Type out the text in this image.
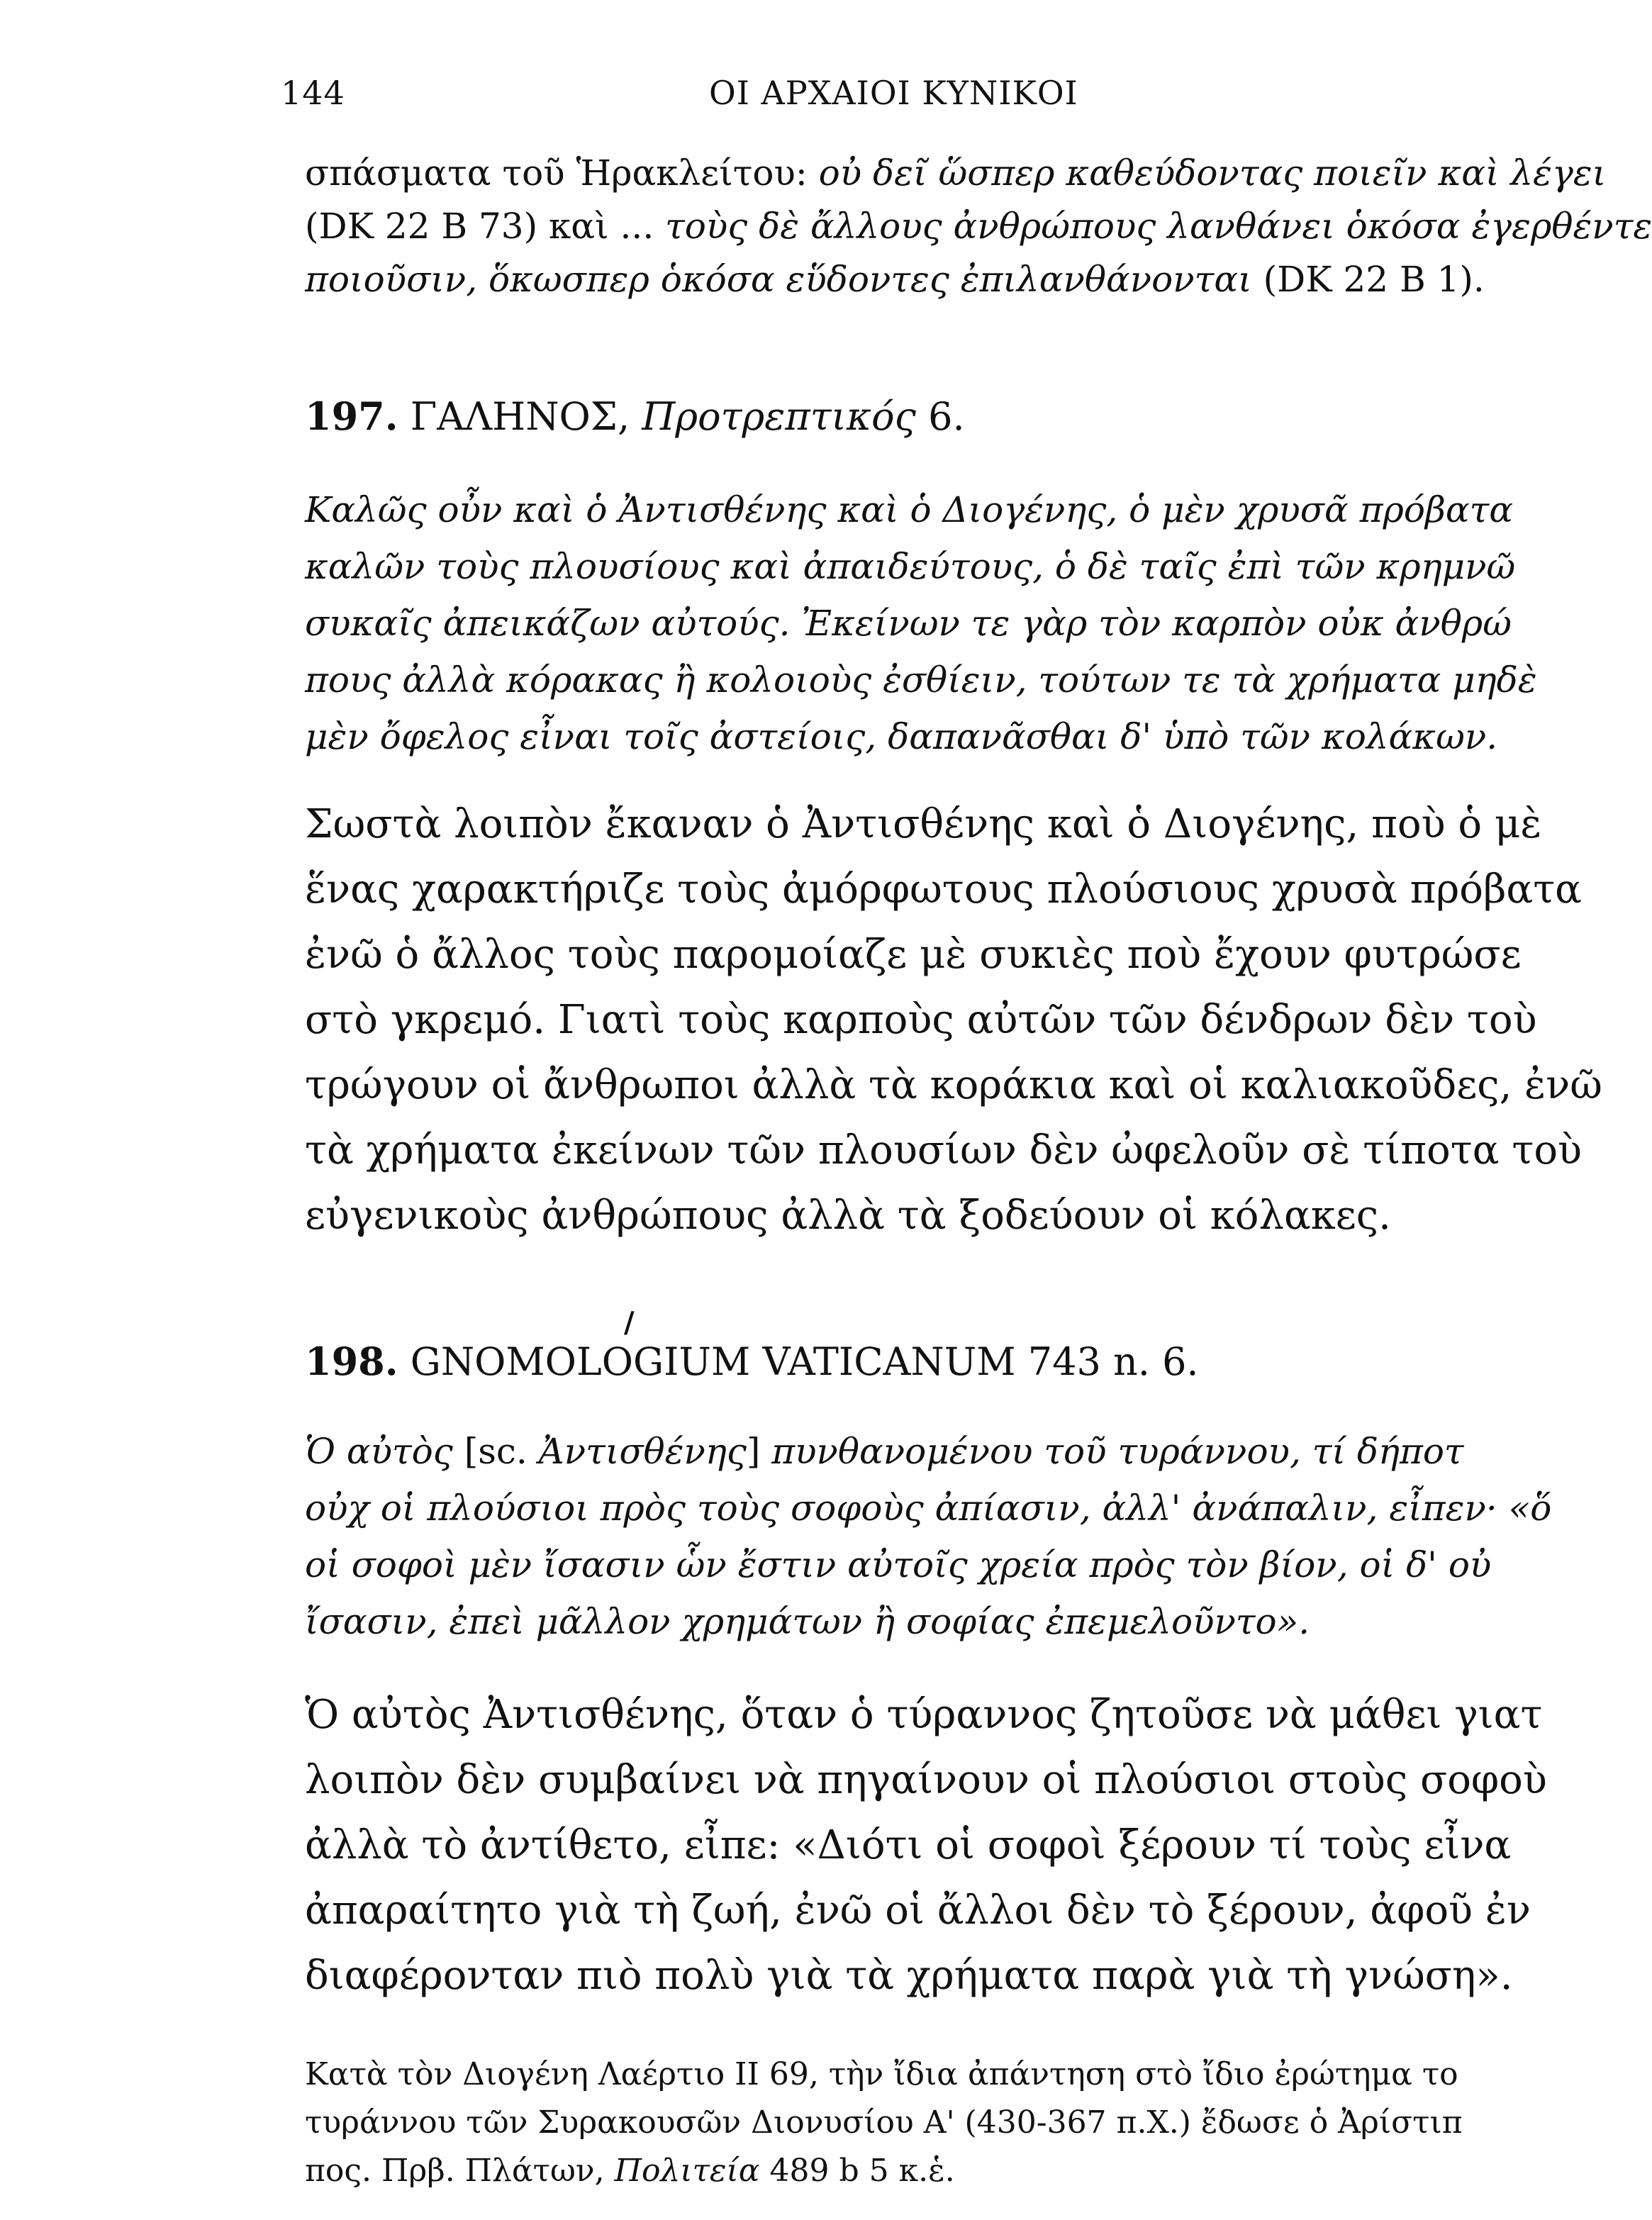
144	ΟΙ ΑΡΧΑΙΟΙ ΚΥΝΙΚΟΙ
σπάσματα τοῦ Ἡρακλείτου: οὐ δεῖ ὥσπερ καθεύδοντας ποιεῖν καὶ λέγει
(DK 22 B 73) καὶ ... τοὺς δὲ ἄλλους ἀνθρώπους λανθάνει ὁκόσα ἐγερθέντε
ποιοῦσιν, ὅκωσπερ ὁκόσα εὕδοντες ἐπιλανθάνονται (DK 22 B 1).
197. ΓΑΛΗΝΟΣ, Προτρεπτικός 6.
Καλῶς οὖν καὶ ὁ Ἀντισθένης καὶ ὁ Διογένης, ὁ μὲν χρυσᾶ πρόβατα
καλῶν τοὺς πλουσίους καὶ ἀπαιδεύτους, ὁ δὲ ταῖς ἐπὶ τῶν κρημνῶ
συκαῖς ἀπεικάζων αὐτούς. Ἐκείνων τε γὰρ τὸν καρπὸν οὐκ ἀνθρώ
πους ἀλλὰ κόρακας ἢ κολοιοὺς ἐσθίειν, τούτων τε τὰ χρήματα μηδὲ
μὲν ὄφελος εἶναι τοῖς ἀστείοις, δαπανᾶσθαι δ' ὑπὸ τῶν κολάκων.
Σωστὰ λοιπὸν ἔκαναν ὁ Ἀντισθένης καὶ ὁ Διογένης, ποὺ ὁ μὲ
ἕνας χαρακτήριζε τοὺς ἀμόρφωτους πλούσιους χρυσὰ πρόβατα
ἐνῶ ὁ ἄλλος τοὺς παρομοίαζε μὲ συκιὲς ποὺ ἔχουν φυτρώσε
στὸ γκρεμό. Γιατὶ τοὺς καρποὺς αὐτῶν τῶν δένδρων δὲν τοὺ
τρώγουν οἱ ἄνθρωποι ἀλλὰ τὰ κοράκια καὶ οἱ καλιακοῦδες, ἐνῶ
τὰ χρήματα ἐκείνων τῶν πλουσίων δὲν ὠφελοῦν σὲ τίποτα τοὺ
εὐγενικοὺς ἀνθρώπους ἀλλὰ τὰ ξοδεύουν οἱ κόλακες.
/
198. GNOMOLOGIUM VATICANUM 743 n. 6.
Ὁ αὐτὸς [sc. Ἀντισθένης] πυνθανομένου τοῦ τυράννου, τί δήποτ
οὐχ οἱ πλούσιοι πρὸς τοὺς σοφοὺς ἀπίασιν, ἀλλ' ἀνάπαλιν, εἶπεν· «ὅ
οἱ σοφοὶ μὲν ἴσασιν ὧν ἔστιν αὐτοῖς χρεία πρὸς τὸν βίον, οἱ δ' οὐ
ἴσασιν, ἐπεὶ μᾶλλον χρημάτων ἢ σοφίας ἐπεμελοῦντο».
Ὁ αὐτὸς Ἀντισθένης, ὅταν ὁ τύραννος ζητοῦσε νὰ μάθει γιατ
λοιπὸν δὲν συμβαίνει νὰ πηγαίνουν οἱ πλούσιοι στοὺς σοφοὺ
ἀλλὰ τὸ ἀντίθετο, εἶπε: «Διότι οἱ σοφοὶ ξέρουν τί τοὺς εἶνα
ἀπαραίτητο γιὰ τὴ ζωή, ἐνῶ οἱ ἄλλοι δὲν τὸ ξέρουν, ἀφοῦ ἐν
διαφέρονταν πιὸ πολὺ γιὰ τὰ χρήματα παρὰ γιὰ τὴ γνώση».
Κατὰ τὸν Διογένη Λαέρτιο ΙΙ 69, τὴν ἴδια ἀπάντηση στὸ ἴδιο ἐρώτημα το
τυράννου τῶν Συρακουσῶν Διονυσίου Α' (430-367 π.Χ.) ἔδωσε ὁ Ἀρίστιπ
πος. Πρβ. Πλάτων, Πολιτεία 489 b 5 κ.ἑ.
